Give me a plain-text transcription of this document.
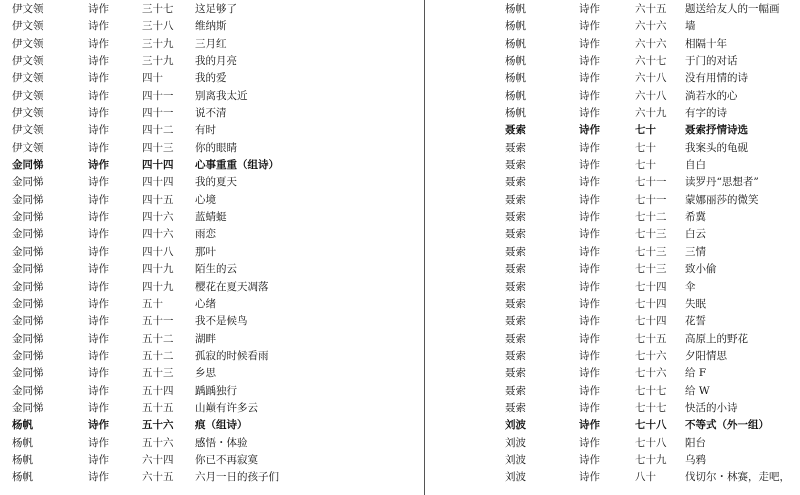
伊文领	诗作	三十七 这足够了
伊文领	诗作	三十八 维纳斯
伊文领	诗作	三十九 三月红
伊文领	诗作	三十九 我的月亮
伊文领	诗作	四十	我的爱
伊文领	诗作	四十一 别离我太近
伊文领	诗作	四十一 说不清
伊文领	诗作	四十二 有时
伊文领	诗作	四十三 你的眼睛
金同悌	诗作	四十四 心事重重（组诗）
金同悌	诗作	四十四 我的夏天
金同悌	诗作	四十五 心境
金同悌	诗作	四十六 蓝蜻蜓
金同悌	诗作	四十六 雨恋
金同悌	诗作	四十八 那叶
金同悌	诗作	四十九 陌生的云
金同悌	诗作	四十九 樱花在夏天凋落
金同悌	诗作	五十	心绪
金同悌	诗作	五十一 我不是候鸟
金同悌	诗作	五十二 湖畔
金同悌	诗作	五十二 孤寂的时候看雨
金同悌	诗作	五十三 乡思
金同悌	诗作	五十四 踽踽独行
金同悌	诗作	五十五 山巅有许多云
杨帆	诗作	五十六 痕（组诗）
杨帆	诗作	五十六 感悟・体验
杨帆	诗作	六十四 你已不再寂寞
杨帆	诗作	六十五 六月一日的孩子们
杨帆	诗作	六十五 题送给友人的一幅画
杨帆	诗作	六十六 墙
杨帆	诗作	六十六 相隔十年
杨帆	诗作	六十七 于门的对话
杨帆	诗作	六十八 没有用情的诗
杨帆	诗作	六十八 淌若水的心
杨帆	诗作	六十九 有字的诗
聂索	诗作	七十	聂索抒情诗选
聂索	诗作	七十	我案头的龟砚
聂索	诗作	七十	自白
聂索	诗作	七十一 读罗丹“思想者”
聂索	诗作	七十一 蒙娜丽莎的微笑
聂索	诗作	七十二 希冀
聂索	诗作	七十三 白云
聂索	诗作	七十三 三情
聂索	诗作	七十三 致小偷
聂索	诗作	七十四 伞
聂索	诗作	七十四 失眠
聂索	诗作	七十四 花誓
聂索	诗作	七十五 高原上的野花
聂索	诗作	七十六 夕阳情思
聂索	诗作	七十六 给 F
聂索	诗作	七十七 给 W
聂索	诗作	七十七 快活的小诗
刘波	诗作	七十八 不等式（外一组）
刘波	诗作	七十八 阳台
刘波	诗作	七十九 乌鸦
刘波	诗作	八十	伐切尔・林赛，走吧，
